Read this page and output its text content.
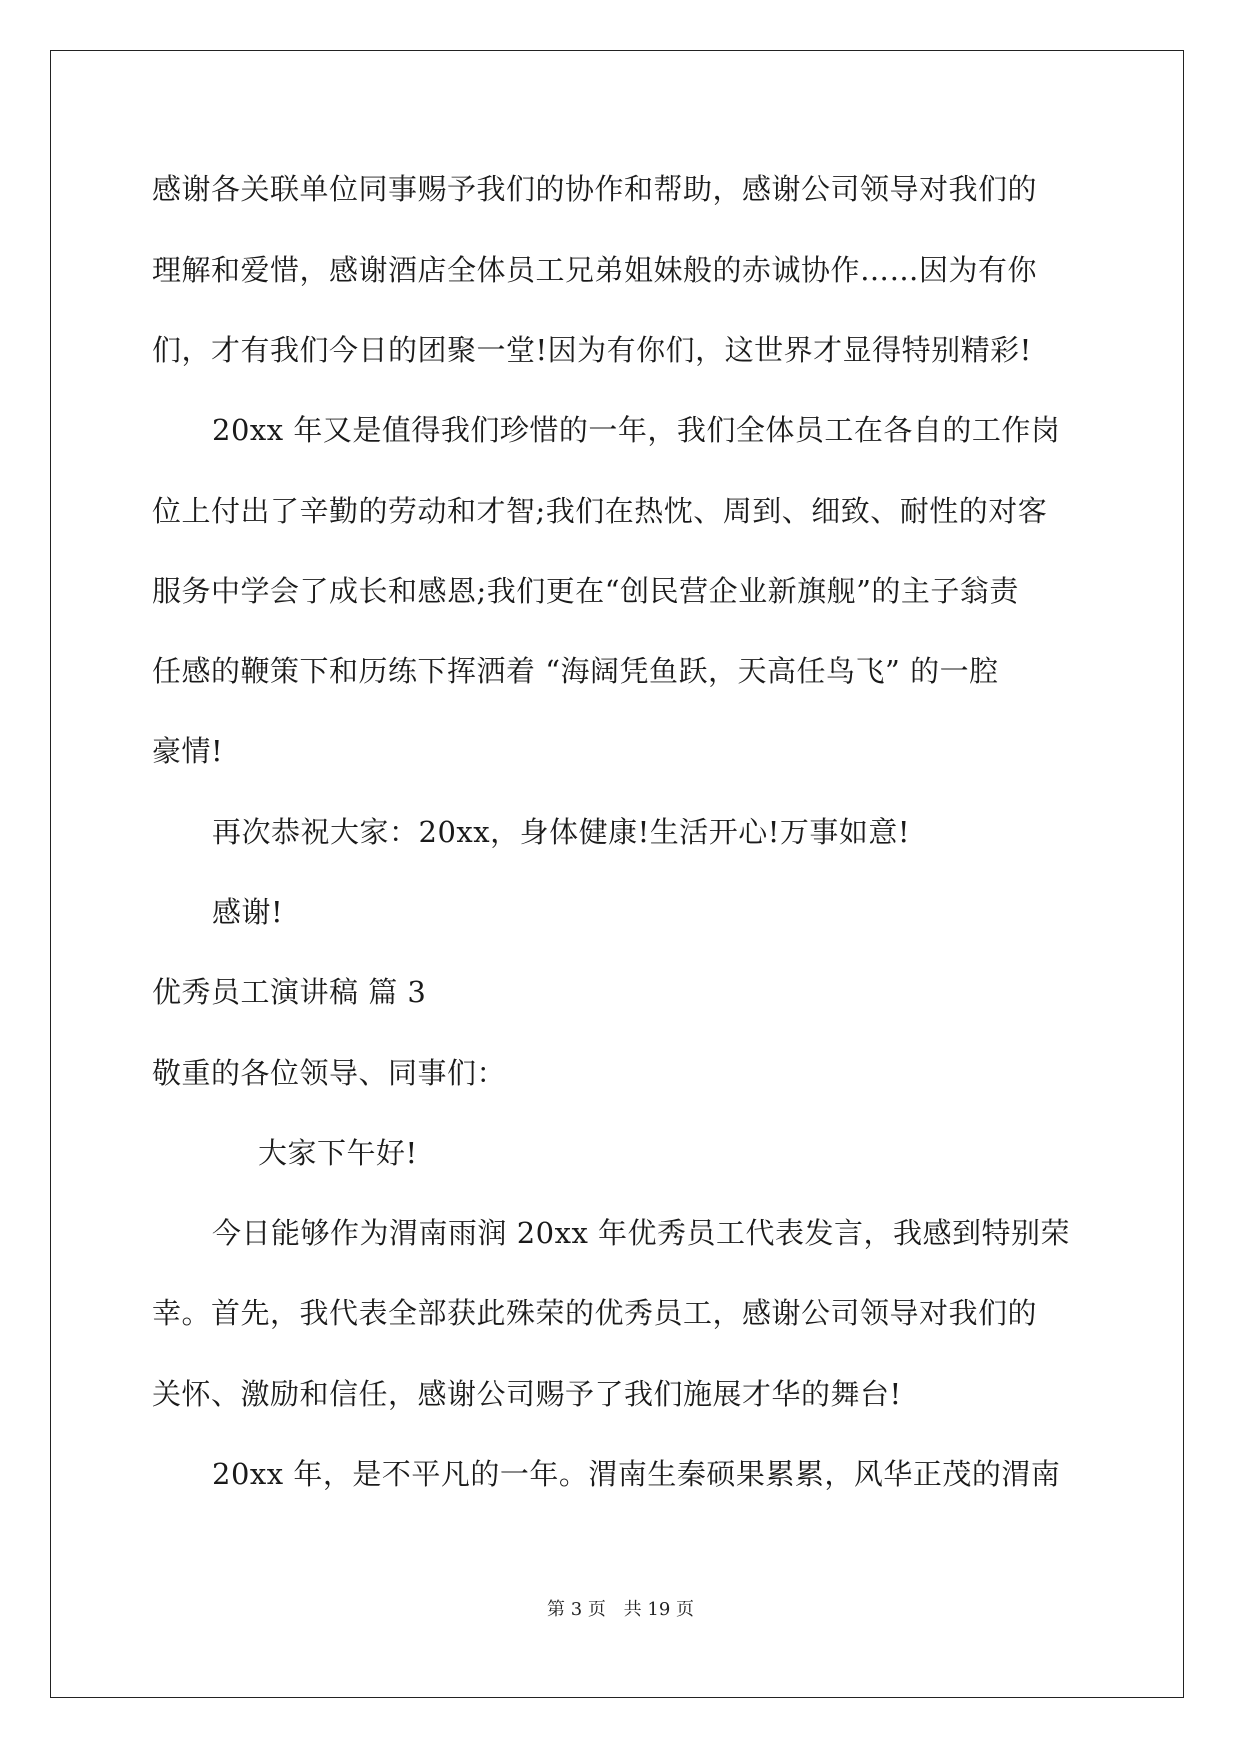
感谢各关联单位同事赐予我们的协作和帮助，感谢公司领导对我们的
理解和爱惜，感谢酒店全体员工兄弟姐妹般的赤诚协作……因为有你
们，才有我们今日的团聚一堂!因为有你们，这世界才显得特别精彩!
20xx 年又是值得我们珍惜的一年，我们全体员工在各自的工作岗
位上付出了辛勤的劳动和才智;我们在热忱、周到、细致、耐性的对客
服务中学会了成长和感恩;我们更在“创民营企业新旗舰”的主子翁责
任感的鞭策下和历练下挥洒着 “海阔凭鱼跃，天高任鸟飞” 的一腔
豪情!
再次恭祝大家：20xx，身体健康!生活开心!万事如意!
感谢!
优秀员工演讲稿 篇 3
敬重的各位领导、同事们：
大家下午好!
今日能够作为渭南雨润 20xx 年优秀员工代表发言，我感到特别荣
幸。首先，我代表全部获此殊荣的优秀员工，感谢公司领导对我们的
关怀、激励和信任，感谢公司赐予了我们施展才华的舞台!
20xx 年，是不平凡的一年。渭南生秦硕果累累，风华正茂的渭南
第 3 页 共 19 页
